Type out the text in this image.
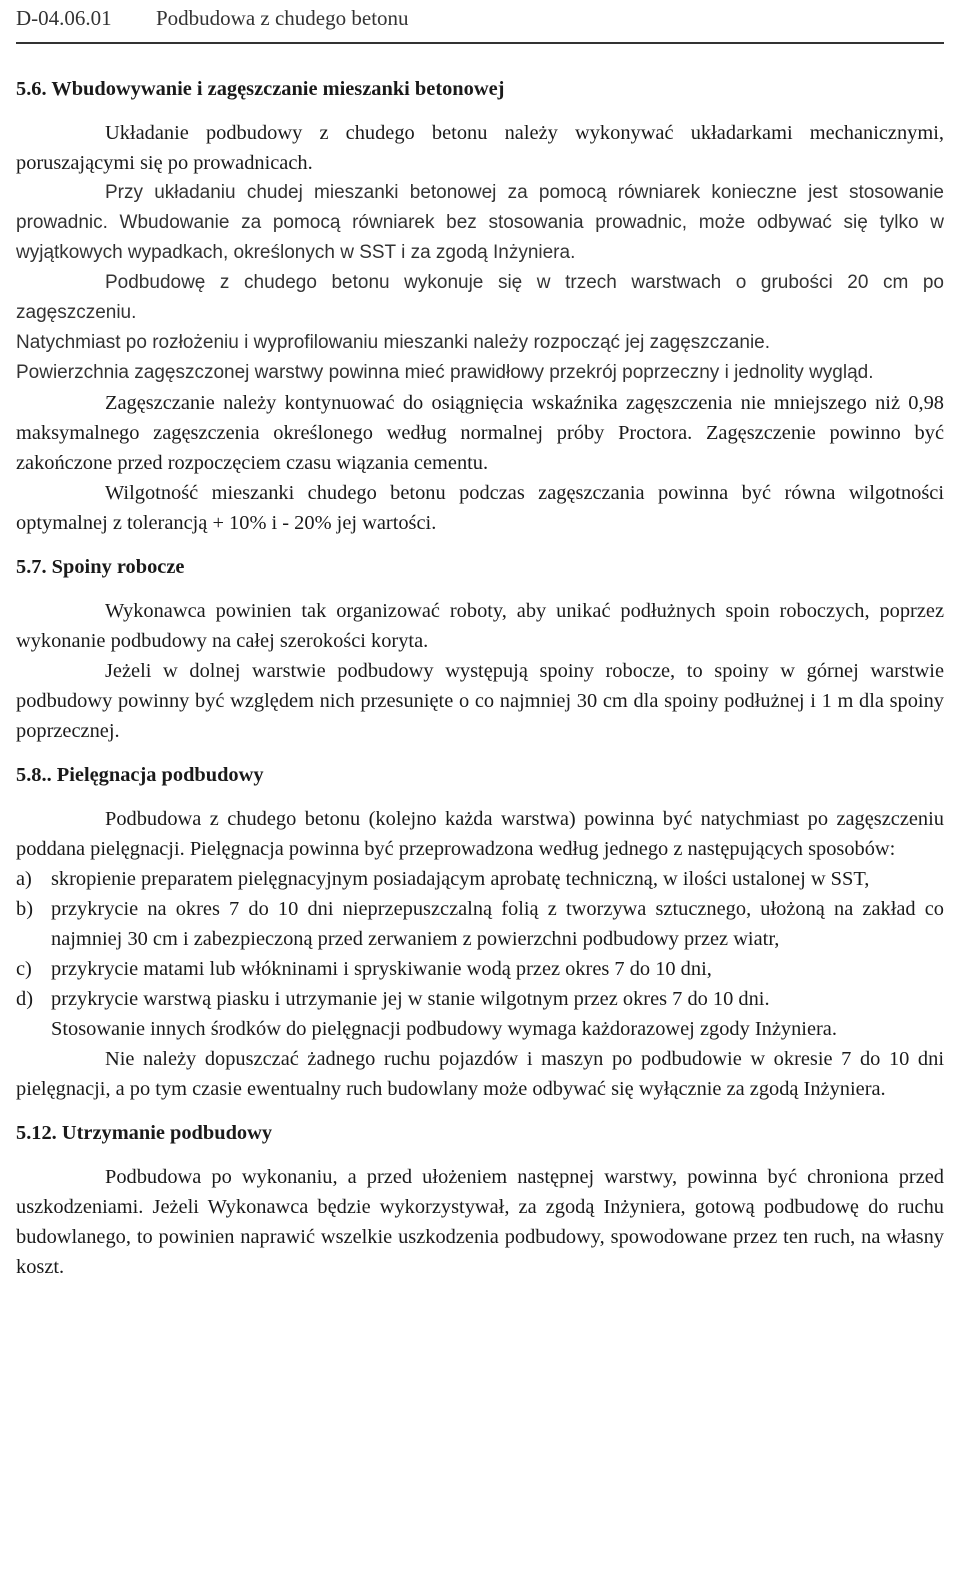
D-04.06.01 Podbudowa z chudego betonu

5.6. Wbudowywanie i zagęszczanie mieszanki betonowej

Układanie podbudowy z chudego betonu należy wykonywać układarkami mechanicznymi, poruszającymi się po prowadnicach.

Przy układaniu chudej mieszanki betonowej za pomocą równiarek konieczne jest stosowanie prowadnic. Wbudowanie za pomocą równiarek bez stosowania prowadnic, może odbywać się tylko w wyjątkowych wypadkach, określonych w SST i za zgodą Inżyniera.

Podbudowę z chudego betonu wykonuje się w trzech warstwach o grubości 20 cm po zagęszczeniu.

Natychmiast po rozłożeniu i wyprofilowaniu mieszanki należy rozpocząć jej zagęszczanie.

Powierzchnia zagęszczonej warstwy powinna mieć prawidłowy przekrój poprzeczny i jednolity wygląd.

Zagęszczanie należy kontynuować do osiągnięcia wskaźnika zagęszczenia nie mniejszego niż 0,98 maksymalnego zagęszczenia określonego według normalnej próby Proctora. Zagęszczenie powinno być zakończone przed rozpoczęciem czasu wiązania cementu.

Wilgotność mieszanki chudego betonu podczas zagęszczania powinna być równa wilgotności optymalnej z tolerancją + 10% i - 20% jej wartości.

5.7. Spoiny robocze

Wykonawca powinien tak organizować roboty, aby unikać podłużnych spoin roboczych, poprzez wykonanie podbudowy na całej szerokości koryta.

Jeżeli w dolnej warstwie podbudowy występują spoiny robocze, to spoiny w górnej warstwie podbudowy powinny być względem nich przesunięte o co najmniej 30 cm dla spoiny podłużnej i 1 m dla spoiny poprzecznej.

5.8.. Pielęgnacja podbudowy

Podbudowa z chudego betonu (kolejno każda warstwa) powinna być natychmiast po zagęszczeniu poddana pielęgnacji. Pielęgnacja powinna być przeprowadzona według jednego z następujących sposobów:

a) skropienie preparatem pielęgnacyjnym posiadającym aprobatę techniczną, w ilości ustalonej w SST,
b) przykrycie na okres 7 do 10 dni nieprzepuszczalną folią z tworzywa sztucznego, ułożoną na zakład co najmniej 30 cm i zabezpieczoną przed zerwaniem z powierzchni podbudowy przez wiatr,
c) przykrycie matami lub włókninami i spryskiwanie wodą przez okres 7 do 10 dni,
d) przykrycie warstwą piasku i utrzymanie jej w stanie wilgotnym przez okres 7 do 10 dni.

Stosowanie innych środków do pielęgnacji podbudowy wymaga każdorazowej zgody Inżyniera.

Nie należy dopuszczać żadnego ruchu pojazdów i maszyn po podbudowie w okresie 7 do 10 dni pielęgnacji, a po tym czasie ewentualny ruch budowlany może odbywać się wyłącznie za zgodą Inżyniera.

5.12. Utrzymanie podbudowy

Podbudowa po wykonaniu, a przed ułożeniem następnej warstwy, powinna być chroniona przed uszkodzeniami. Jeżeli Wykonawca będzie wykorzystywał, za zgodą Inżyniera, gotową podbudowę do ruchu budowlanego, to powinien naprawić wszelkie uszkodzenia podbudowy, spowodowane przez ten ruch, na własny koszt.
